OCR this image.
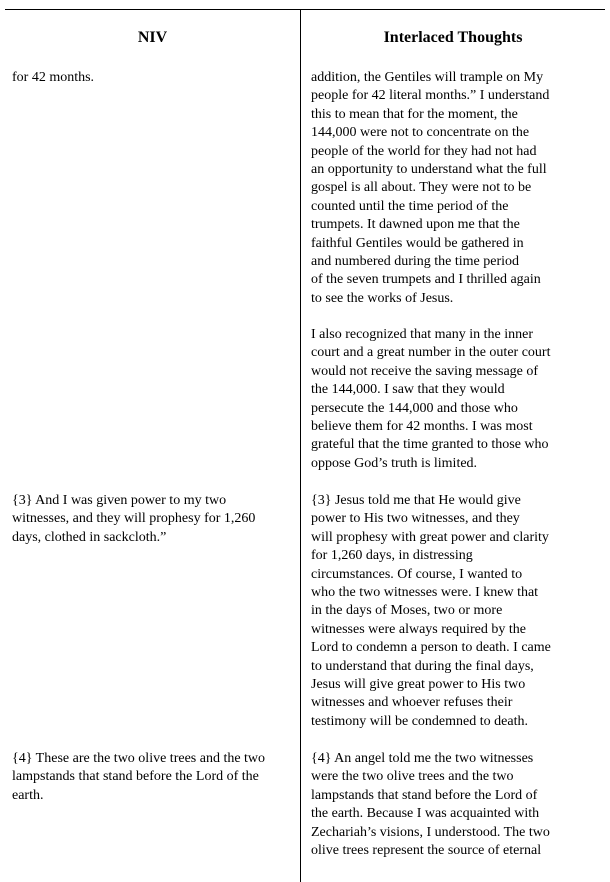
NIV	Interlaced Thoughts

for 42 months.	addition, the Gentiles will trample on My
people for 42 literal months.” I understand
this to mean that for the moment, the
144,000 were not to concentrate on the
people of the world for they had not had
an opportunity to understand what the full
gospel is all about. They were not to be
counted until the time period of the
trumpets. It dawned upon me that the
faithful Gentiles would be gathered in
and numbered during the time period
of the seven trumpets and I thrilled again
to see the works of Jesus.

I also recognized that many in the inner
court and a great number in the outer court
would not receive the saving message of
the 144,000. I saw that they would
persecute the 144,000 and those who
believe them for 42 months. I was most
grateful that the time granted to those who
oppose God’s truth is limited.

{3} And I was given power to my two
witnesses, and they will prophesy for 1,260
days, clothed in sackcloth.”

{3} Jesus told me that He would give
power to His two witnesses, and they
will prophesy with great power and clarity
for 1,260 days, in distressing
circumstances. Of course, I wanted to
who the two witnesses were. I knew that
in the days of Moses, two or more
witnesses were always required by the
Lord to condemn a person to death. I came
to understand that during the final days,
Jesus will give great power to His two
witnesses and whoever refuses their
testimony will be condemned to death.

{4} These are the two olive trees and the two
lampstands that stand before the Lord of the
earth.

{4} An angel told me the two witnesses
were the two olive trees and the two
lampstands that stand before the Lord of
the earth. Because I was acquainted with
Zechariah’s visions, I understood. The two
olive trees represent the source of eternal
